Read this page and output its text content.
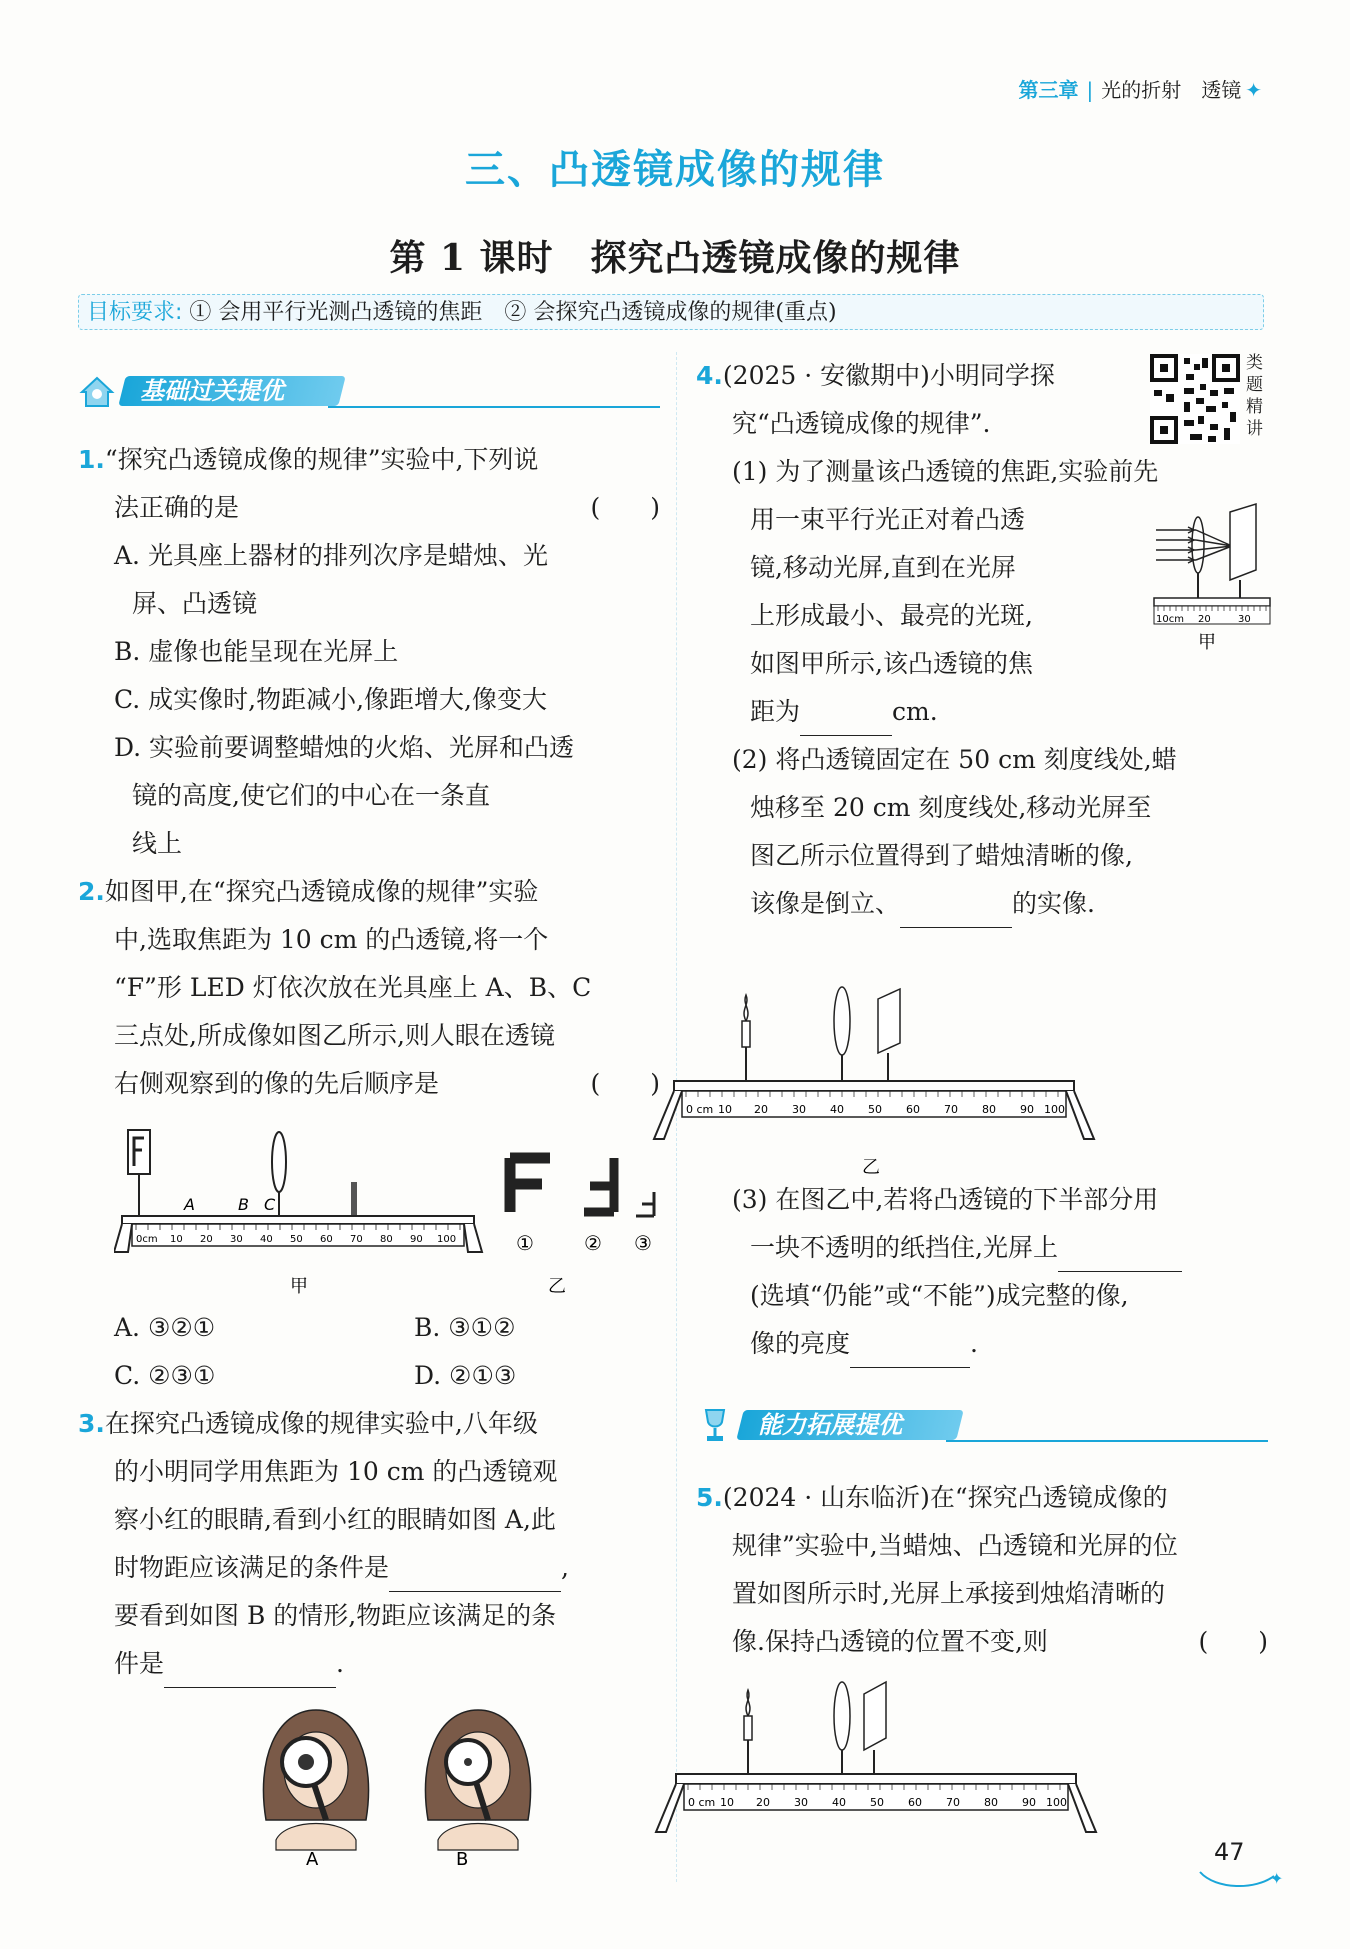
第三章 | 光的折射　透镜 ✦
三、凸透镜成像的规律
第 1 课时　探究凸透镜成像的规律
目标要求: ① 会用平行光测凸透镜的焦距　② 会探究凸透镜成像的规律(重点)
基础过关提优
1.“探究凸透镜成像的规律”实验中,下列说
法正确的是	(　　)
A. 光具座上器材的排列次序是蜡烛、光
屏、凸透镜
B. 虚像也能呈现在光屏上
C. 成实像时,物距减小,像距增大,像变大
D. 实验前要调整蜡烛的火焰、光屏和凸透
镜的高度,使它们的中心在一条直
线上
2.如图甲,在“探究凸透镜成像的规律”实验
中,选取焦距为 10 cm 的凸透镜,将一个
“F”形 LED 灯依次放在光具座上 A、B、C
三点处,所成像如图乙所示,则人眼在透镜
右侧观察到的像的先后顺序是	(　　)
A	B C
0cm 10 20 30 40 50 60 70 80 90 100
甲
①	② ③
乙
A. ③②①	B. ③①②
C. ②③①	D. ②①③
3.在探究凸透镜成像的规律实验中,八年级
的小明同学用焦距为 10 cm 的凸透镜观
察小红的眼睛,看到小红的眼睛如图 A,此
时物距应该满足的条件是	,
要看到如图 B 的情形,物距应该满足的条
件是	.
A	B
4.(2025 · 安徽期中)小明同学探
究“凸透镜成像的规律”.
(1) 为了测量该凸透镜的焦距,实验前先
用一束平行光正对着凸透
镜,移动光屏,直到在光屏
上形成最小、最亮的光斑,
如图甲所示,该凸透镜的焦
距为	cm.
(2) 将凸透镜固定在 50 cm 刻度线处,蜡
烛移至 20 cm 刻度线处,移动光屏至
图乙所示位置得到了蜡烛清晰的像,
该像是倒立、	的实像.
类题精讲
10cm 20	30
甲
0 cm 10 20 30 40 50 60 70 80 90 100
乙
(3) 在图乙中,若将凸透镜的下半部分用
一块不透明的纸挡住,光屏上
(选填“仍能”或“不能”)成完整的像,
像的亮度	.
能力拓展提优
5.(2024 · 山东临沂)在“探究凸透镜成像的
规律”实验中,当蜡烛、凸透镜和光屏的位
置如图所示时,光屏上承接到烛焰清晰的
像.保持凸透镜的位置不变,则	(　　)
0 cm 10 20 30 40 50 60 70 80 90 100
47
✦
